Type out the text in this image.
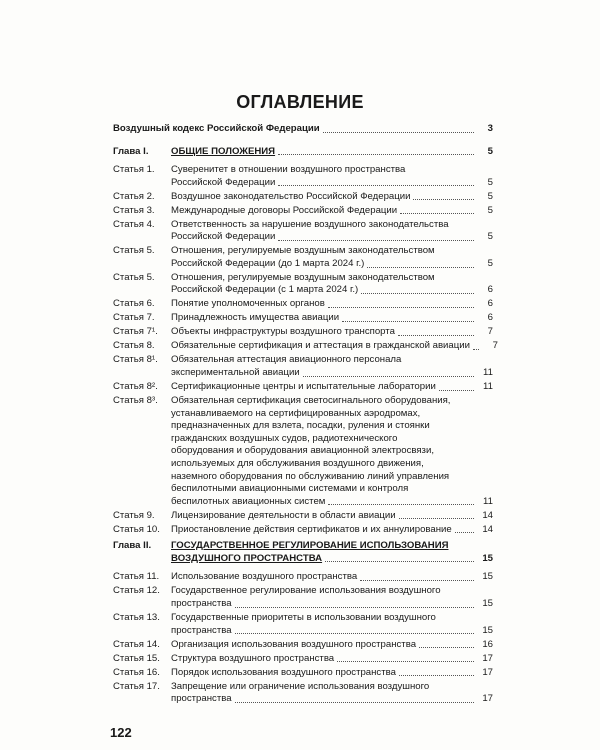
ОГЛАВЛЕНИЕ
Воздушный кодекс Российской Федерации	3
Глава I.	ОБЩИЕ ПОЛОЖЕНИЯ	5
Статья 1.	Суверенитет в отношении воздушного пространства
Российской Федерации	5
Статья 2.	Воздушное законодательство Российской Федерации	5
Статья 3.	Международные договоры Российской Федерации	5
Статья 4.	Ответственность за нарушение воздушного законодательства
Российской Федерации	5
Статья 5.	Отношения, регулируемые воздушным законодательством
Российской Федерации (до 1 марта 2024 г.)	5
Статья 5.	Отношения, регулируемые воздушным законодательством
Российской Федерации (с 1 марта 2024 г.)	6
Статья 6.	Понятие уполномоченных органов	6
Статья 7.	Принадлежность имущества авиации	6
Статья 7¹.	Объекты инфраструктуры воздушного транспорта	7
Статья 8.	Обязательные сертификация и аттестация в гражданской авиации	7
Статья 8¹.	Обязательная аттестация авиационного персонала
экспериментальной авиации	11
Статья 8².	Сертификационные центры и испытательные лаборатории	11
Статья 8³.	Обязательная сертификация светосигнального оборудования,
устанавливаемого на сертифицированных аэродромах,
предназначенных для взлета, посадки, руления и стоянки
гражданских воздушных судов, радиотехнического
оборудования и оборудования авиационной электросвязи,
используемых для обслуживания воздушного движения,
наземного оборудования по обслуживанию линий управления
беспилотными авиационными системами и контроля
беспилотных авиационных систем	11
Статья 9.	Лицензирование деятельности в области авиации	14
Статья 10.	Приостановление действия сертификатов и их аннулирование	14
Глава II.	ГОСУДАРСТВЕННОЕ РЕГУЛИРОВАНИЕ ИСПОЛЬЗОВАНИЯ
ВОЗДУШНОГО ПРОСТРАНСТВА	15
Статья 11.	Использование воздушного пространства	15
Статья 12.	Государственное регулирование использования воздушного
пространства	15
Статья 13.	Государственные приоритеты в использовании воздушного
пространства	15
Статья 14.	Организация использования воздушного пространства	16
Статья 15.	Структура воздушного пространства	17
Статья 16.	Порядок использования воздушного пространства	17
Статья 17.	Запрещение или ограничение использования воздушного
пространства	17
122
